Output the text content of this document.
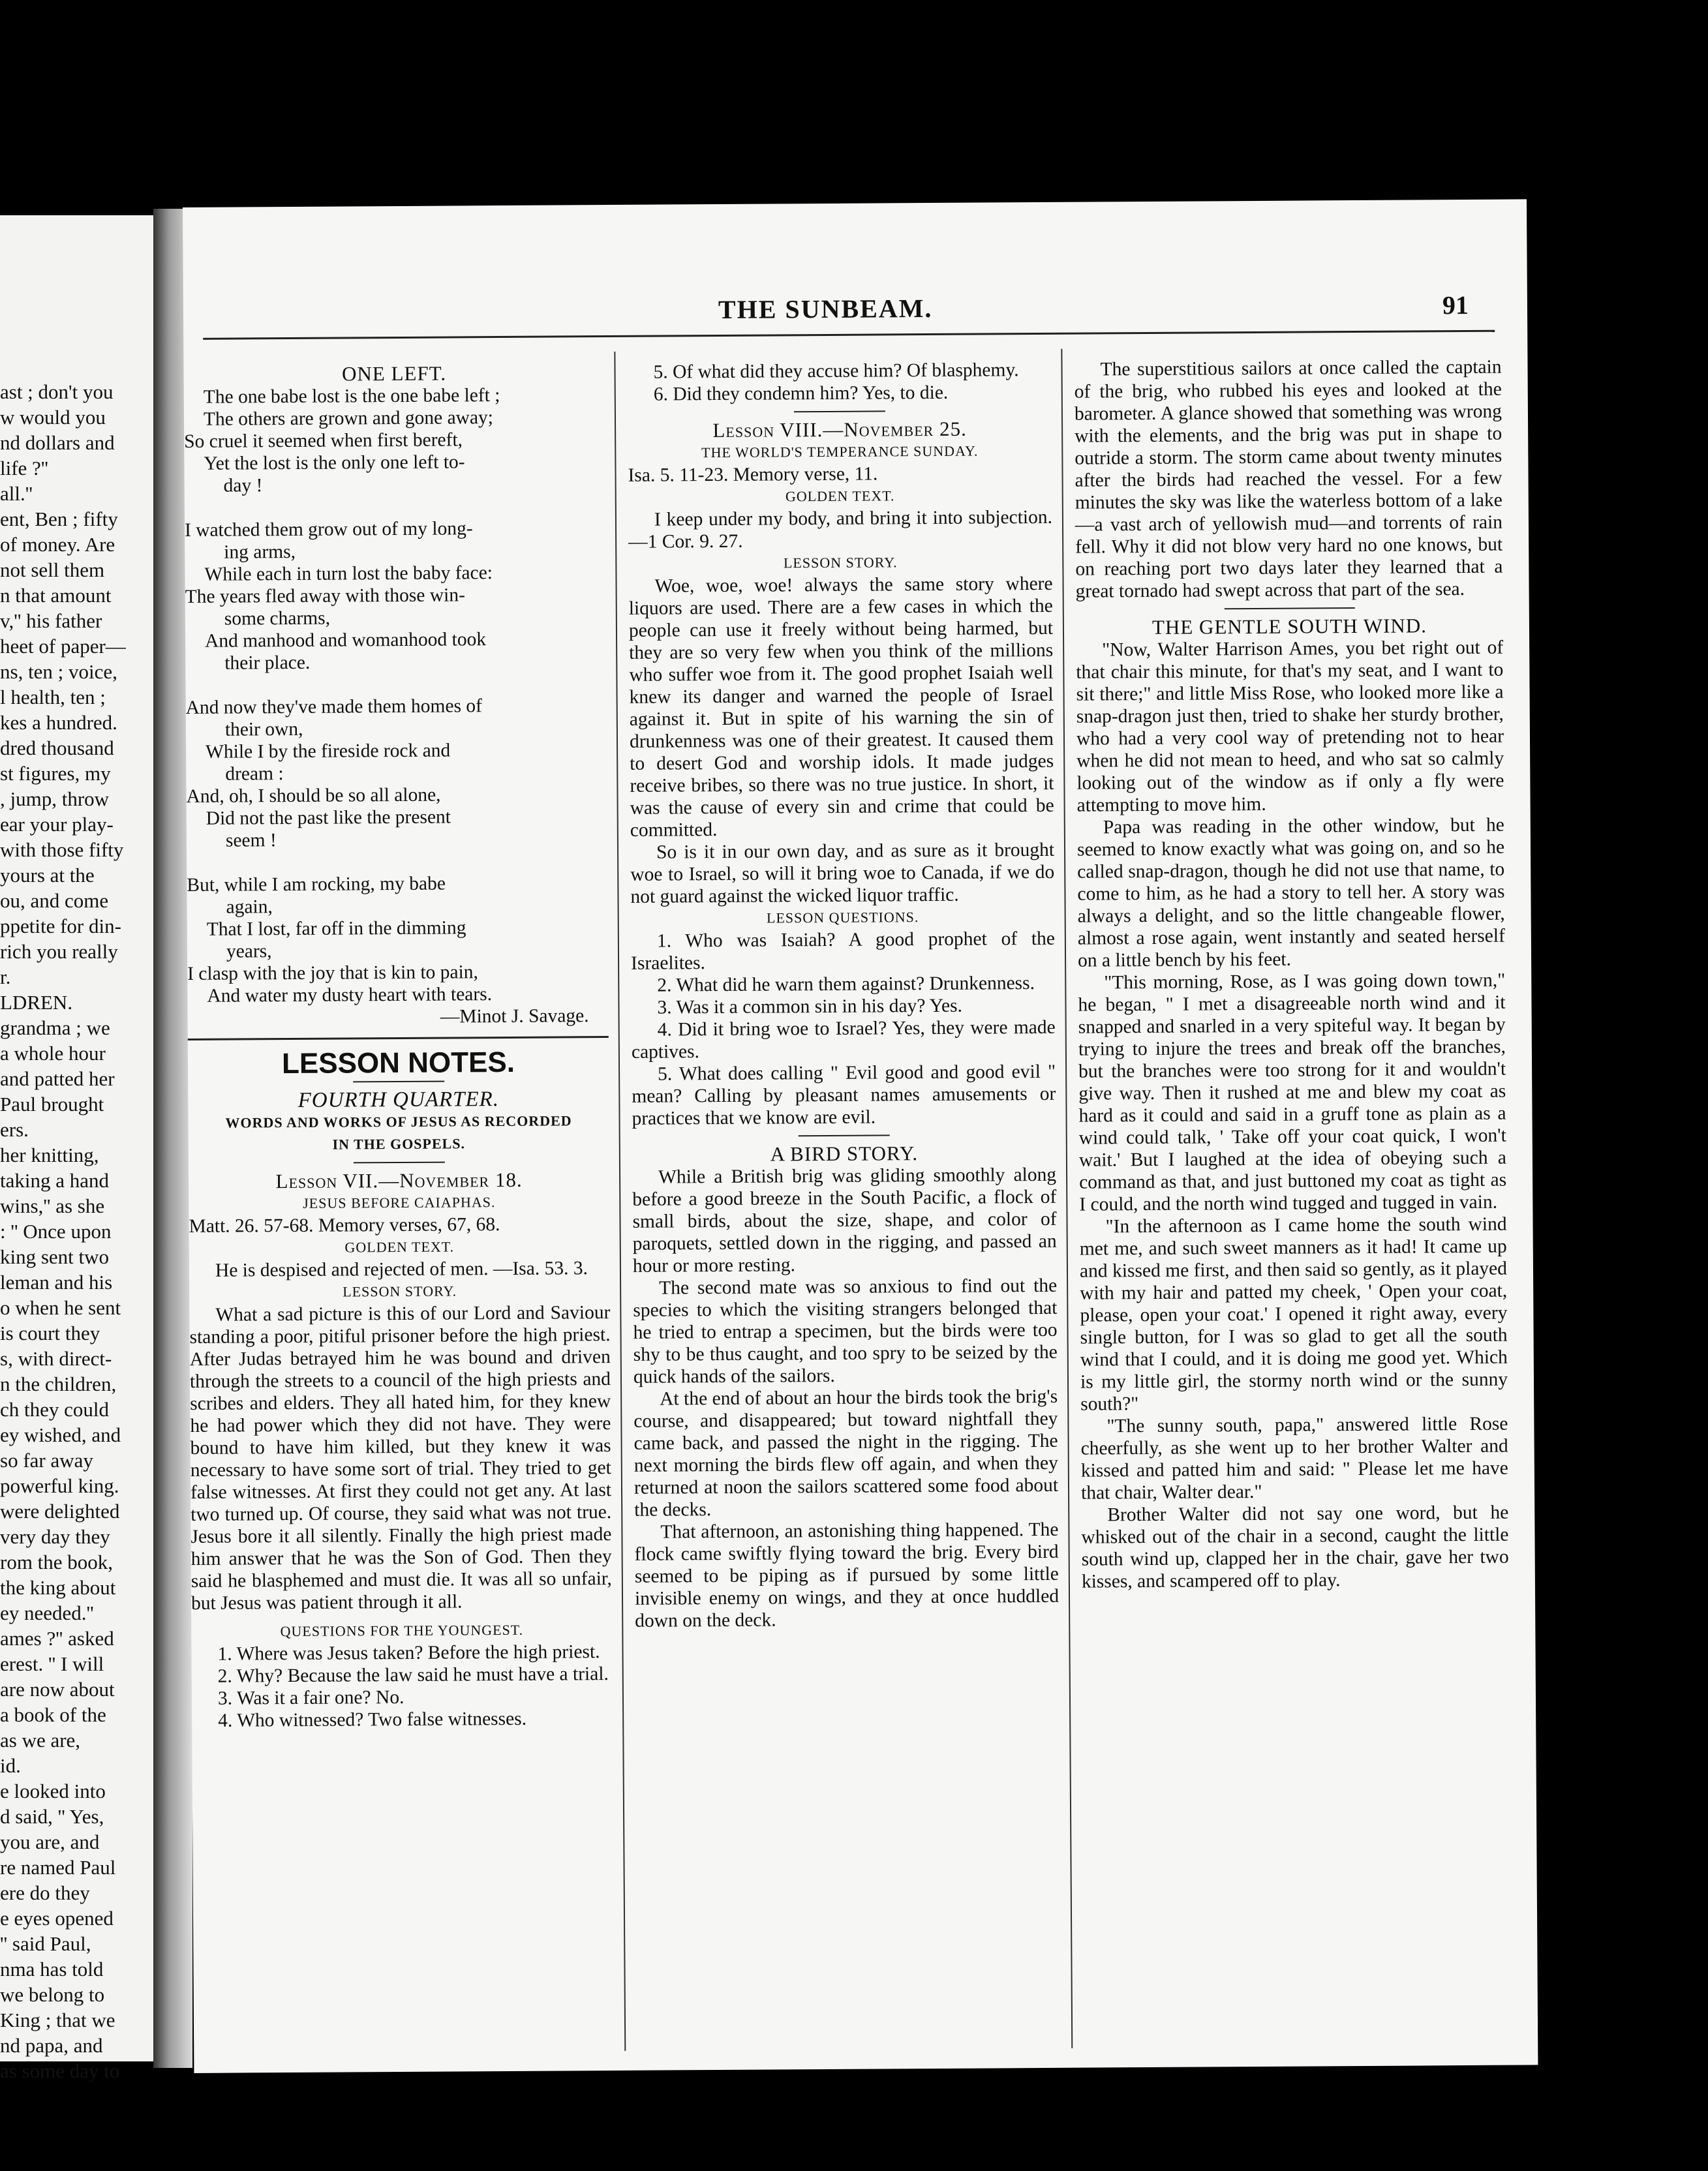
ast ; don't you
w would you
nd dollars and
life ?''
all.''
ent, Ben ; fifty
of money. Are
not sell them
n that amount
v,'' his father
heet of paper—
ns, ten ; voice,
l health, ten ;
kes a hundred.
dred thousand
st figures, my
, jump, throw
ear your play-
with those fifty
yours at the
ou, and come
ppetite for din-
rich you really
r.
LDREN.
grandma ; we
a whole hour
and patted her
Paul brought
ers.
her knitting,
taking a hand
wins,'' as she
: '' Once upon
king sent two
leman and his
o when he sent
is court they
s, with direct-
n the children,
ch they could
ey wished, and
so far away
powerful king.
were delighted
very day they
rom the book,
the king about
ey needed.''
ames ?'' asked
erest. '' I will
are now about
a book of the
as we are,
id.
e looked into
d said, '' Yes,
you are, and
re named Paul
ere do they
e eyes opened
'' said Paul,
nma has told
we belong to
King ; that we
nd papa, and
as some day to
THE SUNBEAM.	91

ONE LEFT.

The one babe lost is the one babe left ;

The others are grown and gone away;

So cruel it seemed when first bereft,

Yet the lost is the only one left to-

day !

I watched them grow out of my long-

ing arms,

While each in turn lost the baby face:

The years fled away with those win-

some charms,

And manhood and womanhood took

their place.

And now they've made them homes of

their own,

While I by the fireside rock and

dream :

And, oh, I should be so all alone,

Did not the past like the present

seem !

But, while I am rocking, my babe

again,

That I lost, far off in the dimming

years,

I clasp with the joy that is kin to pain,

And water my dusty heart with tears.

—Minot J. Savage.

LESSON NOTES.

FOURTH QUARTER.

WORDS AND WORKS OF JESUS AS RECORDED

IN THE GOSPELS.

Lesson VII.—November 18.

JESUS BEFORE CAIAPHAS.

Matt. 26. 57-68. Memory verses, 67, 68.

GOLDEN TEXT.

He is despised and rejected of men. —Isa. 53. 3.

LESSON STORY.

What a sad picture is this of our Lord and Saviour standing a poor, pitiful prisoner before the high priest. After Judas betrayed him he was bound and driven through the streets to a council of the high priests and scribes and elders. They all hated him, for they knew he had power which they did not have. They were bound to have him killed, but they knew it was necessary to have some sort of trial. They tried to get false witnesses. At first they could not get any. At last two turned up. Of course, they said what was not true. Jesus bore it all silently. Finally the high priest made him answer that he was the Son of God. Then they said he blasphemed and must die. It was all so unfair, but Jesus was patient through it all.

QUESTIONS FOR THE YOUNGEST.

1. Where was Jesus taken? Before the high priest.

2. Why? Because the law said he must have a trial.

3. Was it a fair one? No.

4. Who witnessed? Two false witnesses.

5. Of what did they accuse him? Of blasphemy.

6. Did they condemn him? Yes, to die.

Lesson VIII.—November 25.

THE WORLD'S TEMPERANCE SUNDAY.

Isa. 5. 11-23. Memory verse, 11.

GOLDEN TEXT.

I keep under my body, and bring it into subjection.—1 Cor. 9. 27.

LESSON STORY.

Woe, woe, woe! always the same story where liquors are used. There are a few cases in which the people can use it freely without being harmed, but they are so very few when you think of the millions who suffer woe from it. The good prophet Isaiah well knew its danger and warned the people of Israel against it. But in spite of his warning the sin of drunkenness was one of their greatest. It caused them to desert God and worship idols. It made judges receive bribes, so there was no true justice. In short, it was the cause of every sin and crime that could be committed.

So is it in our own day, and as sure as it brought woe to Israel, so will it bring woe to Canada, if we do not guard against the wicked liquor traffic.

LESSON QUESTIONS.

1. Who was Isaiah? A good prophet of the Israelites.

2. What did he warn them against? Drunkenness.

3. Was it a common sin in his day? Yes.

4. Did it bring woe to Israel? Yes, they were made captives.

5. What does calling " Evil good and good evil " mean? Calling by pleasant names amusements or practices that we know are evil.

A BIRD STORY.

While a British brig was gliding smoothly along before a good breeze in the South Pacific, a flock of small birds, about the size, shape, and color of paroquets, settled down in the rigging, and passed an hour or more resting.

The second mate was so anxious to find out the species to which the visiting strangers belonged that he tried to entrap a specimen, but the birds were too shy to be thus caught, and too spry to be seized by the quick hands of the sailors.

At the end of about an hour the birds took the brig's course, and disappeared; but toward nightfall they came back, and passed the night in the rigging. The next morning the birds flew off again, and when they returned at noon the sailors scattered some food about the decks.

That afternoon, an astonishing thing happened. The flock came swiftly flying toward the brig. Every bird seemed to be piping as if pursued by some little invisible enemy on wings, and they at once huddled down on the deck.

The superstitious sailors at once called the captain of the brig, who rubbed his eyes and looked at the barometer. A glance showed that something was wrong with the elements, and the brig was put in shape to outride a storm. The storm came about twenty minutes after the birds had reached the vessel. For a few minutes the sky was like the waterless bottom of a lake—a vast arch of yellowish mud—and torrents of rain fell. Why it did not blow very hard no one knows, but on reaching port two days later they learned that a great tornado had swept across that part of the sea.

THE GENTLE SOUTH WIND.

"Now, Walter Harrison Ames, you bet right out of that chair this minute, for that's my seat, and I want to sit there;" and little Miss Rose, who looked more like a snap-dragon just then, tried to shake her sturdy brother, who had a very cool way of pretending not to hear when he did not mean to heed, and who sat so calmly looking out of the window as if only a fly were attempting to move him.

Papa was reading in the other window, but he seemed to know exactly what was going on, and so he called snap-dragon, though he did not use that name, to come to him, as he had a story to tell her. A story was always a delight, and so the little changeable flower, almost a rose again, went instantly and seated herself on a little bench by his feet.

"This morning, Rose, as I was going down town," he began, " I met a disagreeable north wind and it snapped and snarled in a very spiteful way. It began by trying to injure the trees and break off the branches, but the branches were too strong for it and wouldn't give way. Then it rushed at me and blew my coat as hard as it could and said in a gruff tone as plain as a wind could talk, ' Take off your coat quick, I won't wait.' But I laughed at the idea of obeying such a command as that, and just buttoned my coat as tight as I could, and the north wind tugged and tugged in vain.

"In the afternoon as I came home the south wind met me, and such sweet manners as it had! It came up and kissed me first, and then said so gently, as it played with my hair and patted my cheek, ' Open your coat, please, open your coat.' I opened it right away, every single button, for I was so glad to get all the south wind that I could, and it is doing me good yet. Which is my little girl, the stormy north wind or the sunny south?"

"The sunny south, papa," answered little Rose cheerfully, as she went up to her brother Walter and kissed and patted him and said: " Please let me have that chair, Walter dear."

Brother Walter did not say one word, but he whisked out of the chair in a second, caught the little south wind up, clapped her in the chair, gave her two kisses, and scampered off to play.
